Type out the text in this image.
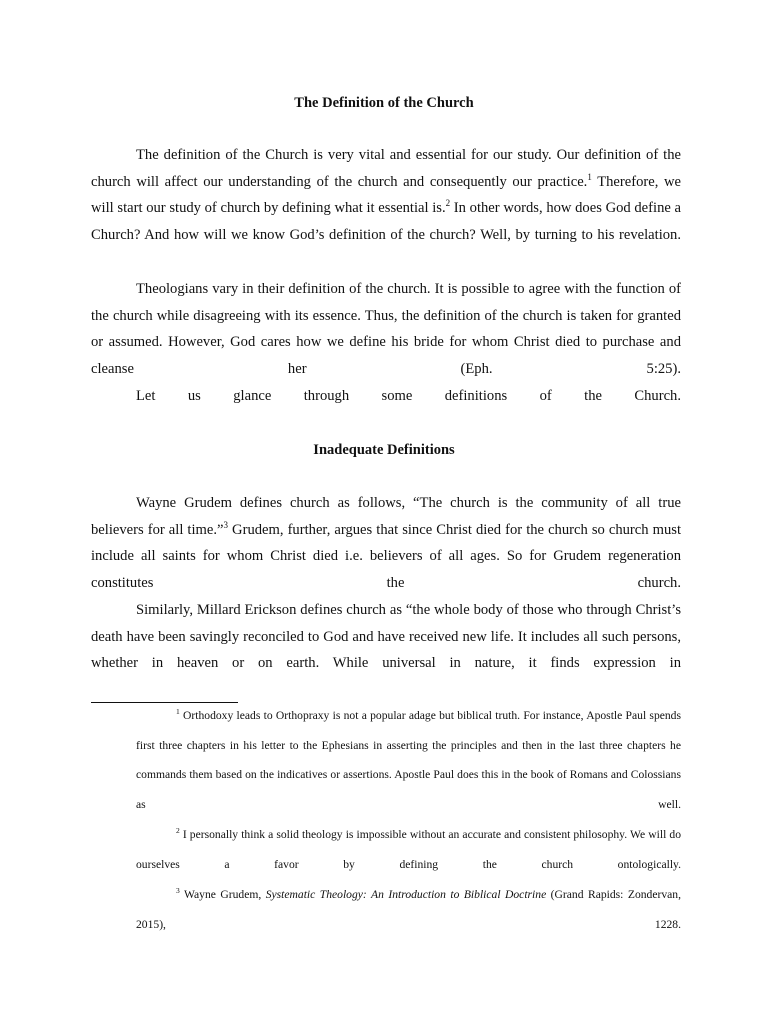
The Definition of the Church

The definition of the Church is very vital and essential for our study. Our definition of the church will affect our understanding of the church and consequently our practice.$^1$ Therefore, we will start our study of church by defining what it essential is.$^2$ In other words, how does God define a Church? And how will we know God’s definition of the church? Well, by turning to his revelation.

Theologians vary in their definition of the church. It is possible to agree with the function of the church while disagreeing with its essence. Thus, the definition of the church is taken for granted or assumed. However, God cares how we define his bride for whom Christ died to purchase and cleanse her (Eph. 5:25).

Let us glance through some definitions of the Church.

Inadequate Definitions

Wayne Grudem defines church as follows, “The church is the community of all true believers for all time.”$^3$ Grudem, further, argues that since Christ died for the church so church must include all saints for whom Christ died i.e. believers of all ages. So for Grudem regeneration constitutes the church.

Similarly, Millard Erickson defines church as “the whole body of those who through Christ’s death have been savingly reconciled to God and have received new life. It includes all such persons, whether in heaven or on earth. While universal in nature, it finds expression in

$^1$ Orthodoxy leads to Orthopraxy is not a popular adage but biblical truth. For instance, Apostle Paul spends first three chapters in his letter to the Ephesians in asserting the principles and then in the last three chapters he commands them based on the indicatives or assertions. Apostle Paul does this in the book of Romans and Colossians as well.

$^2$ I personally think a solid theology is impossible without an accurate and consistent philosophy. We will do ourselves a favor by defining the church ontologically.

$^3$ Wayne Grudem, Systematic Theology: An Introduction to Biblical Doctrine (Grand Rapids: Zondervan, 2015), 1228.
